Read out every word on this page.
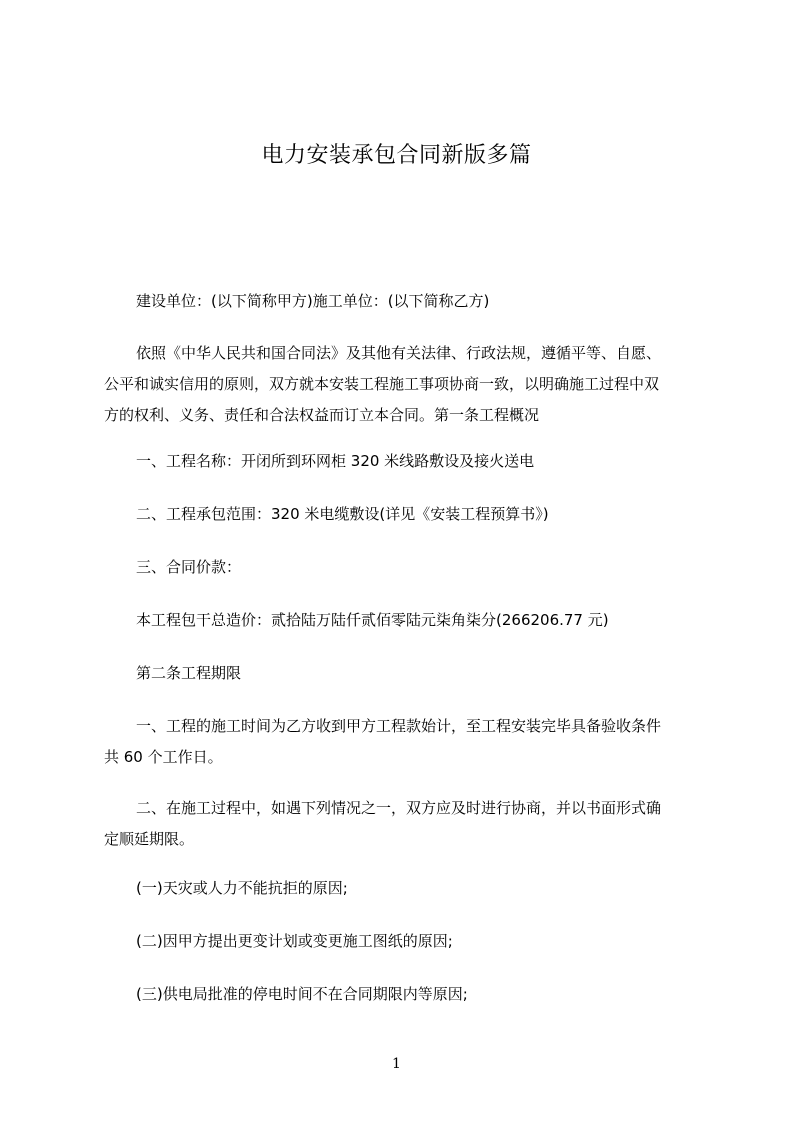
电力安装承包合同新版多篇
建设单位：(以下简称甲方)施工单位：(以下简称乙方)
依照《中华人民共和国合同法》及其他有关法律、行政法规，遵循平等、自愿、
公平和诚实信用的原则，双方就本安装工程施工事项协商一致，以明确施工过程中双
方的权利、义务、责任和合法权益而订立本合同。第一条工程概况
一、工程名称：开闭所到环网柜 320 米线路敷设及接火送电
二、工程承包范围：320 米电缆敷设(详见《安装工程预算书》)
三、合同价款：
本工程包干总造价：贰拾陆万陆仟贰佰零陆元柒角柒分(266206.77 元)
第二条工程期限
一、工程的施工时间为乙方收到甲方工程款始计，至工程安装完毕具备验收条件
共 60 个工作日。
二、在施工过程中，如遇下列情况之一，双方应及时进行协商，并以书面形式确
定顺延期限。
(一)天灾或人力不能抗拒的原因;
(二)因甲方提出更变计划或变更施工图纸的原因;
(三)供电局批准的停电时间不在合同期限内等原因;
1
